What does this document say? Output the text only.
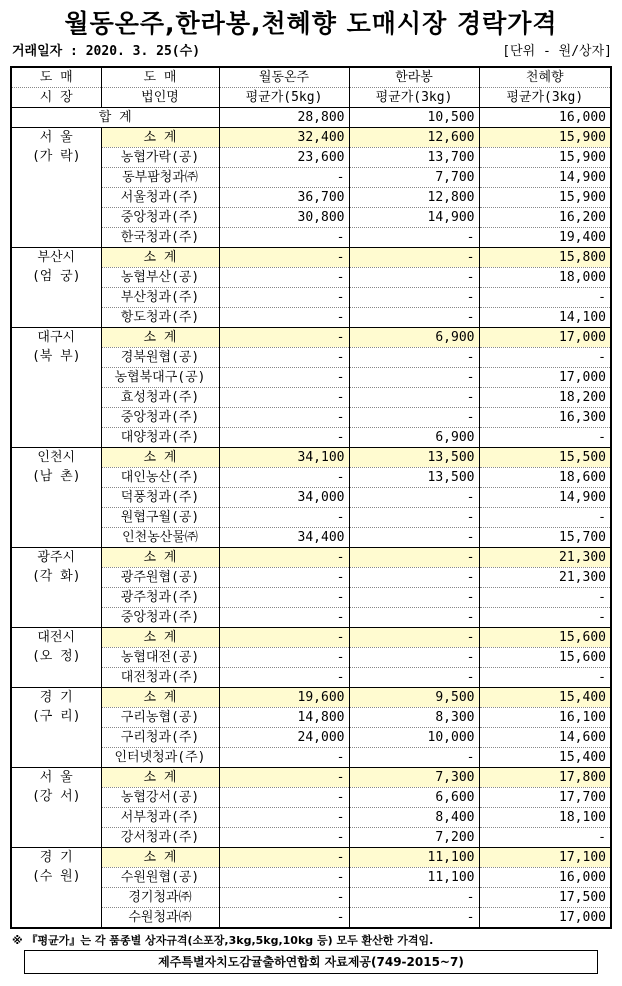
월동온주,한라봉,천혜향 도매시장 경락가격
거래일자 : 2020. 3. 25(수)	[단위 - 원/상자]
도 매	도 매	월동온주	한라봉	천혜향
시 장	법인명	평균가(5kg)	평균가(3kg)	평균가(3kg)
합 계		28,800	10,500	16,000

서 울
(가 락)	소 계	32,400	12,600	15,900
	농협가락(공)	23,600	13,700	15,900
	동부팜청과㈜	-	7,700	14,900
	서울청과(주)	36,700	12,800	15,900
	중앙청과(주)	30,800	14,900	16,200
	한국청과(주)	-	-	19,400

부산시
(엄 궁)	소 계	-	-	15,800
	농협부산(공)	-	-	18,000
	부산청과(주)	-	-	-
	항도청과(주)	-	-	14,100

대구시
(북 부)	소 계	-	6,900	17,000
	경북원협(공)	-	-	-
	농협북대구(공)	-	-	17,000
	효성청과(주)	-	-	18,200
	중앙청과(주)	-	-	16,300
	대양청과(주)	-	6,900	-

인천시
(남 촌)	소 계	34,100	13,500	15,500
	대인농산(주)	-	13,500	18,600
	덕풍청과(주)	34,000	-	14,900
	원협구월(공)	-	-	-
	인천농산물㈜	34,400	-	15,700

광주시
(각 화)	소 계	-	-	21,300
	광주원협(공)	-	-	21,300
	광주청과(주)	-	-	-
	중앙청과(주)	-	-	-

대전시
(오 정)	소 계	-	-	15,600
	농협대전(공)	-	-	15,600
	대전청과(주)	-	-	-

경 기
(구 리)	소 계	19,600	9,500	15,400
	구리농협(공)	14,800	8,300	16,100
	구리청과(주)	24,000	10,000	14,600
	인터넷청과(주)	-	-	15,400

서 울
(강 서)	소 계	-	7,300	17,800
	농협강서(공)	-	6,600	17,700
	서부청과(주)	-	8,400	18,100
	강서청과(주)	-	7,200	-

경 기
(수 원)	소 계	-	11,100	17,100
	수원원협(공)	-	11,100	16,000
	경기청과㈜	-	-	17,500
	수원청과㈜	-	-	17,000
※ 『평균가』는 각 품종별 상자규격(소포장,3kg,5kg,10kg 등) 모두 환산한 가격임.
제주특별자치도감귤출하연합회 자료제공(749-2015~7)
